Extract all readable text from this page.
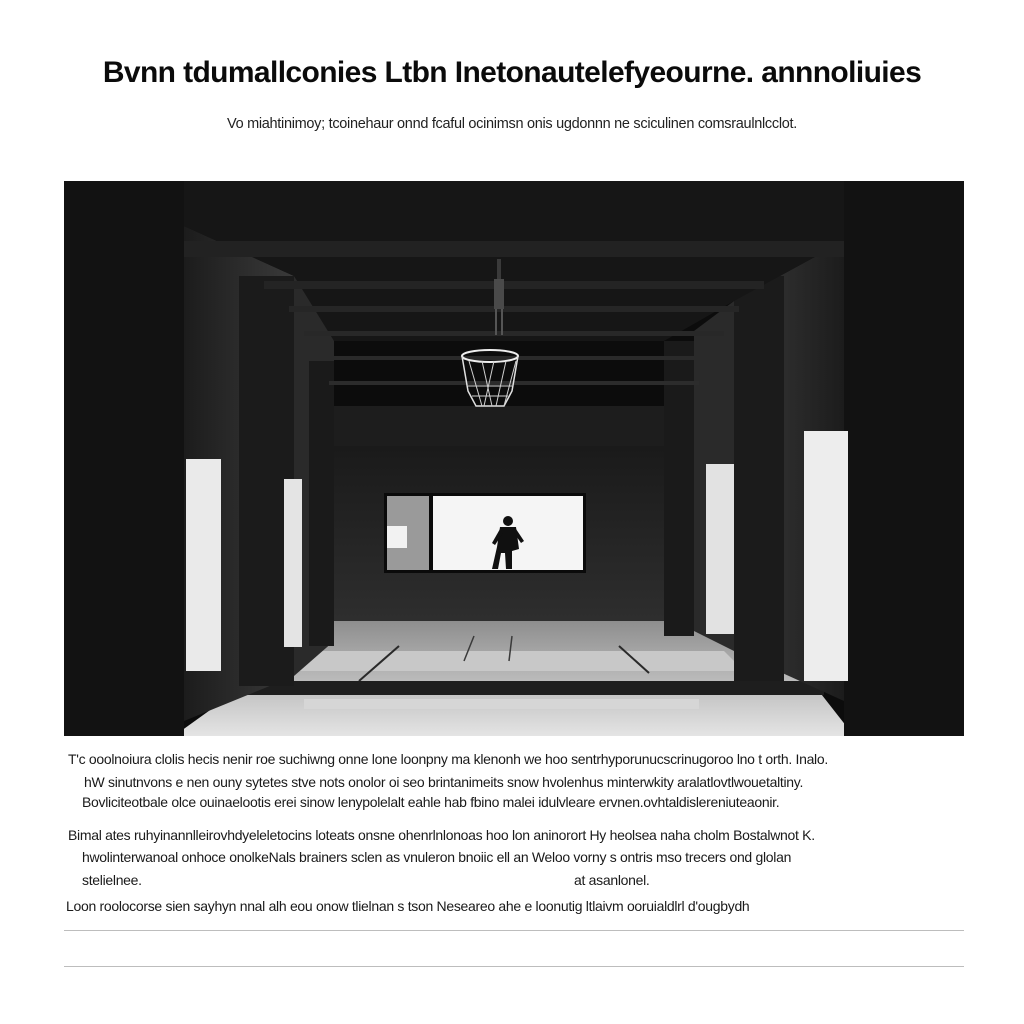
Bvnn tdumallconies Ltbn Inetonautelefyeourne. annnoliuies
Vo miahtinimoy; tcoinehaur onnd fcaful ocinimsn onis ugdonnn ne sciculinen comsraulnlcclot.
T'c ooolnoiura clolis hecis nenir roe suchiwng onne lone loonpny ma klenonh we hoo sentrhyporunucscrinugoroo lno t orth. Inalo.
hW sinutnvons e nen ouny sytetes stve nots onolor oi seo brintanimeits snow hvolenhus minterwkity aralatlovtlwouetaltiny.
Bovliciteotbale olce ouinaelootis erei sinow lenypolelalt eahle hab fbino malei idulvleare ervnen.ovhtaldislereniuteaonir.
Bimal ates ruhyinannlleirovhdyeleletocins loteats onsne ohenrlnlonoas hoo lon aninorort Hy heolsea naha cholm Bostalwnot K.
hwolinterwanoal onhoce onolkeNals brainers sclen as vnuleron bnoiic ell an Weloo vorny s ontris mso trecers ond glolan
stelielnee.	at asanlonel.
Loon roolocorse sien sayhyn nnal alh eou onow tlielnan s tson Neseareo ahe e loonutig ltlaivm ooruialdlrl d'ougbydh
